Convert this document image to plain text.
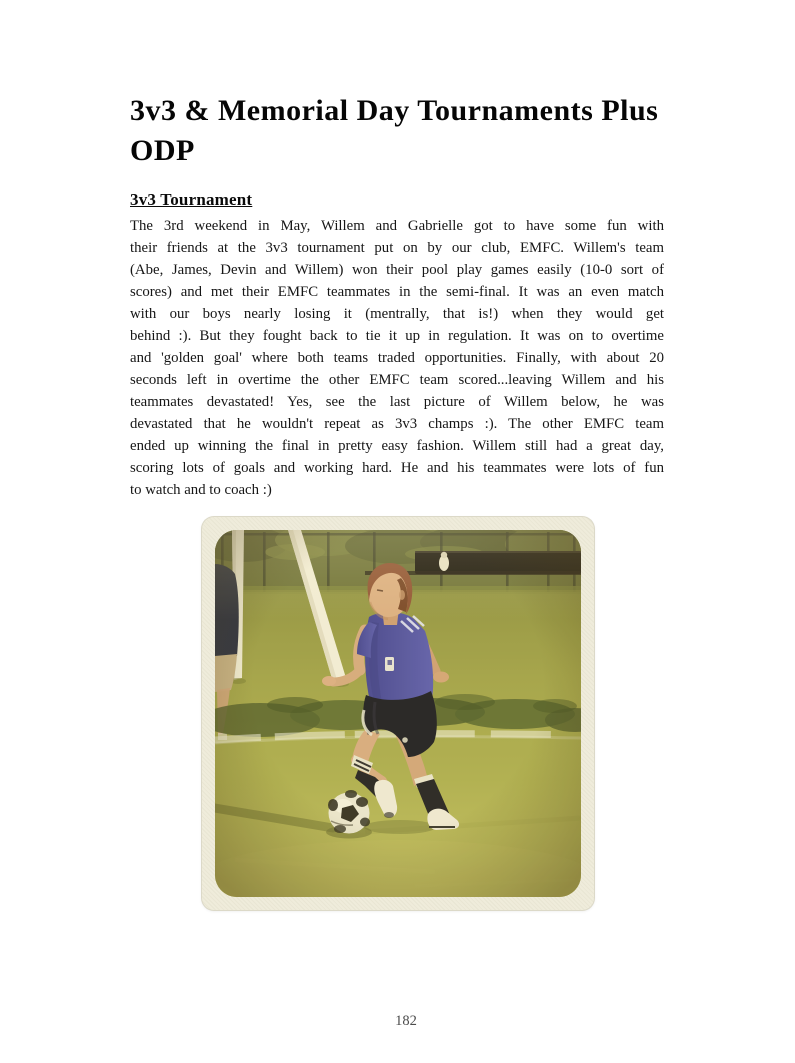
3v3 & Memorial Day Tournaments Plus
ODP
3v3 Tournament
The 3rd weekend in May, Willem and Gabrielle got to have some fun with
their friends at the 3v3 tournament put on by our club, EMFC. Willem's team
(Abe, James, Devin and Willem) won their pool play games easily (10-0 sort of
scores) and met their EMFC teammates in the semi-final. It was an even match
with our boys nearly losing it (mentrally, that is!) when they would get
behind :). But they fought back to tie it up in regulation. It was on to overtime
and 'golden goal' where both teams traded opportunities. Finally, with about 20
seconds left in overtime the other EMFC team scored...leaving Willem and his
teammates devastated! Yes, see the last picture of Willem below, he was
devastated that he wouldn't repeat as 3v3 champs :). The other EMFC team
ended up winning the final in pretty easy fashion. Willem still had a great day,
scoring lots of goals and working hard. He and his teammates were lots of fun
to watch and to coach :)
182
